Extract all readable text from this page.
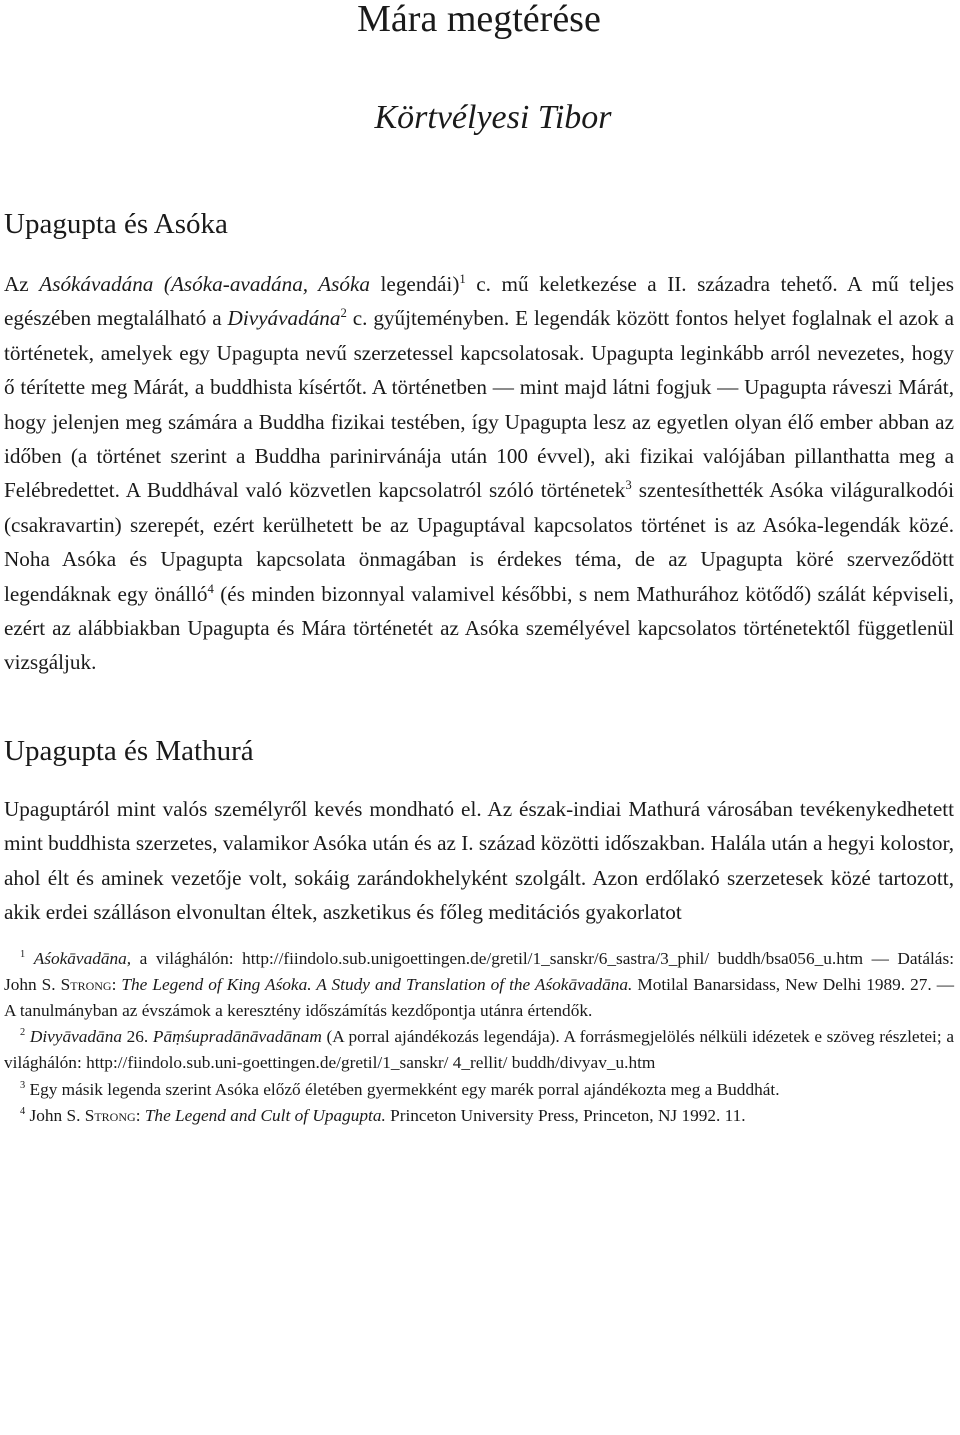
Mára megtérése
Körtvélyesi Tibor
Upagupta és Asóka

Az Asókávadána (Asóka-avadána, Asóka legendái)$^1$ c. mű keletkezése a II. századra tehető. A mű teljes egészében megtalálható a Divyávadána$^2$ c. gyűjteményben. E legendák között fontos helyet foglalnak el azok a történetek, amelyek egy Upagupta nevű szerzetessel kapcsolatosak. Upagupta leginkább arról nevezetes, hogy ő térítette meg Márát, a buddhista kísértőt. A történetben — mint majd látni fogjuk — Upagupta ráveszi Márát, hogy jelenjen meg számára a Buddha fizikai testében, így Upagupta lesz az egyetlen olyan élő ember abban az időben (a történet szerint a Buddha parinirvánája után 100 évvel), aki fizikai valójában pillanthatta meg a Felébredettet. A Buddhával való közvetlen kapcsolatról szóló történetek$^3$ szentesíthették Asóka világuralkodói (csakravartin) szerepét, ezért kerülhetett be az Upaguptával kapcsolatos történet is az Asóka-legendák közé. Noha Asóka és Upagupta kapcsolata önmagában is érdekes téma, de az Upagupta köré szerveződött legendáknak egy önálló$^4$ (és minden bizonnyal valamivel későbbi, s nem Mathurához kötődő) szálát képviseli, ezért az alábbiakban Upagupta és Mára történetét az Asóka személyével kapcsolatos történetektől függetlenül vizsgáljuk.

Upagupta és Mathurá

Upaguptáról mint valós személyről kevés mondható el. Az észak-indiai Mathurá városában tevékenykedhetett mint buddhista szerzetes, valamikor Asóka után és az I. század közötti időszakban. Halála után a hegyi kolostor, ahol élt és aminek vezetője volt, sokáig zarándokhelyként szolgált. Azon erdőlakó szerzetesek közé tartozott, akik erdei szálláson elvonultan éltek, aszketikus és főleg meditációs gyakorlatot

$^1$ Aśokāvadāna, a világhálón: http://fiindolo.sub.unigoettingen.de/gretil/1_sanskr/6_sastra/3_phil/ buddh/bsa056_u.htm — Datálás: John S. Strong: The Legend of King Aśoka. A Study and Translation of the Aśokāvadāna. Motilal Banarsidass, New Delhi 1989. 27. — A tanulmányban az évszámok a keresztény időszámítás kezdőpontja utánra értendők.

$^2$ Divyāvadāna 26. Pāṃśupradānāvadānam (A porral ajándékozás legendája). A forrásmegjelölés nélküli idézetek e szöveg részletei; a világhálón: http://fiindolo.sub.uni-goettingen.de/gretil/1_sanskr/ 4_rellit/ buddh/divyav_u.htm

$^3$ Egy másik legenda szerint Asóka előző életében gyermekként egy marék porral ajándékozta meg a Buddhát.

$^4$ John S. Strong: The Legend and Cult of Upagupta. Princeton University Press, Princeton, NJ 1992. 11.
